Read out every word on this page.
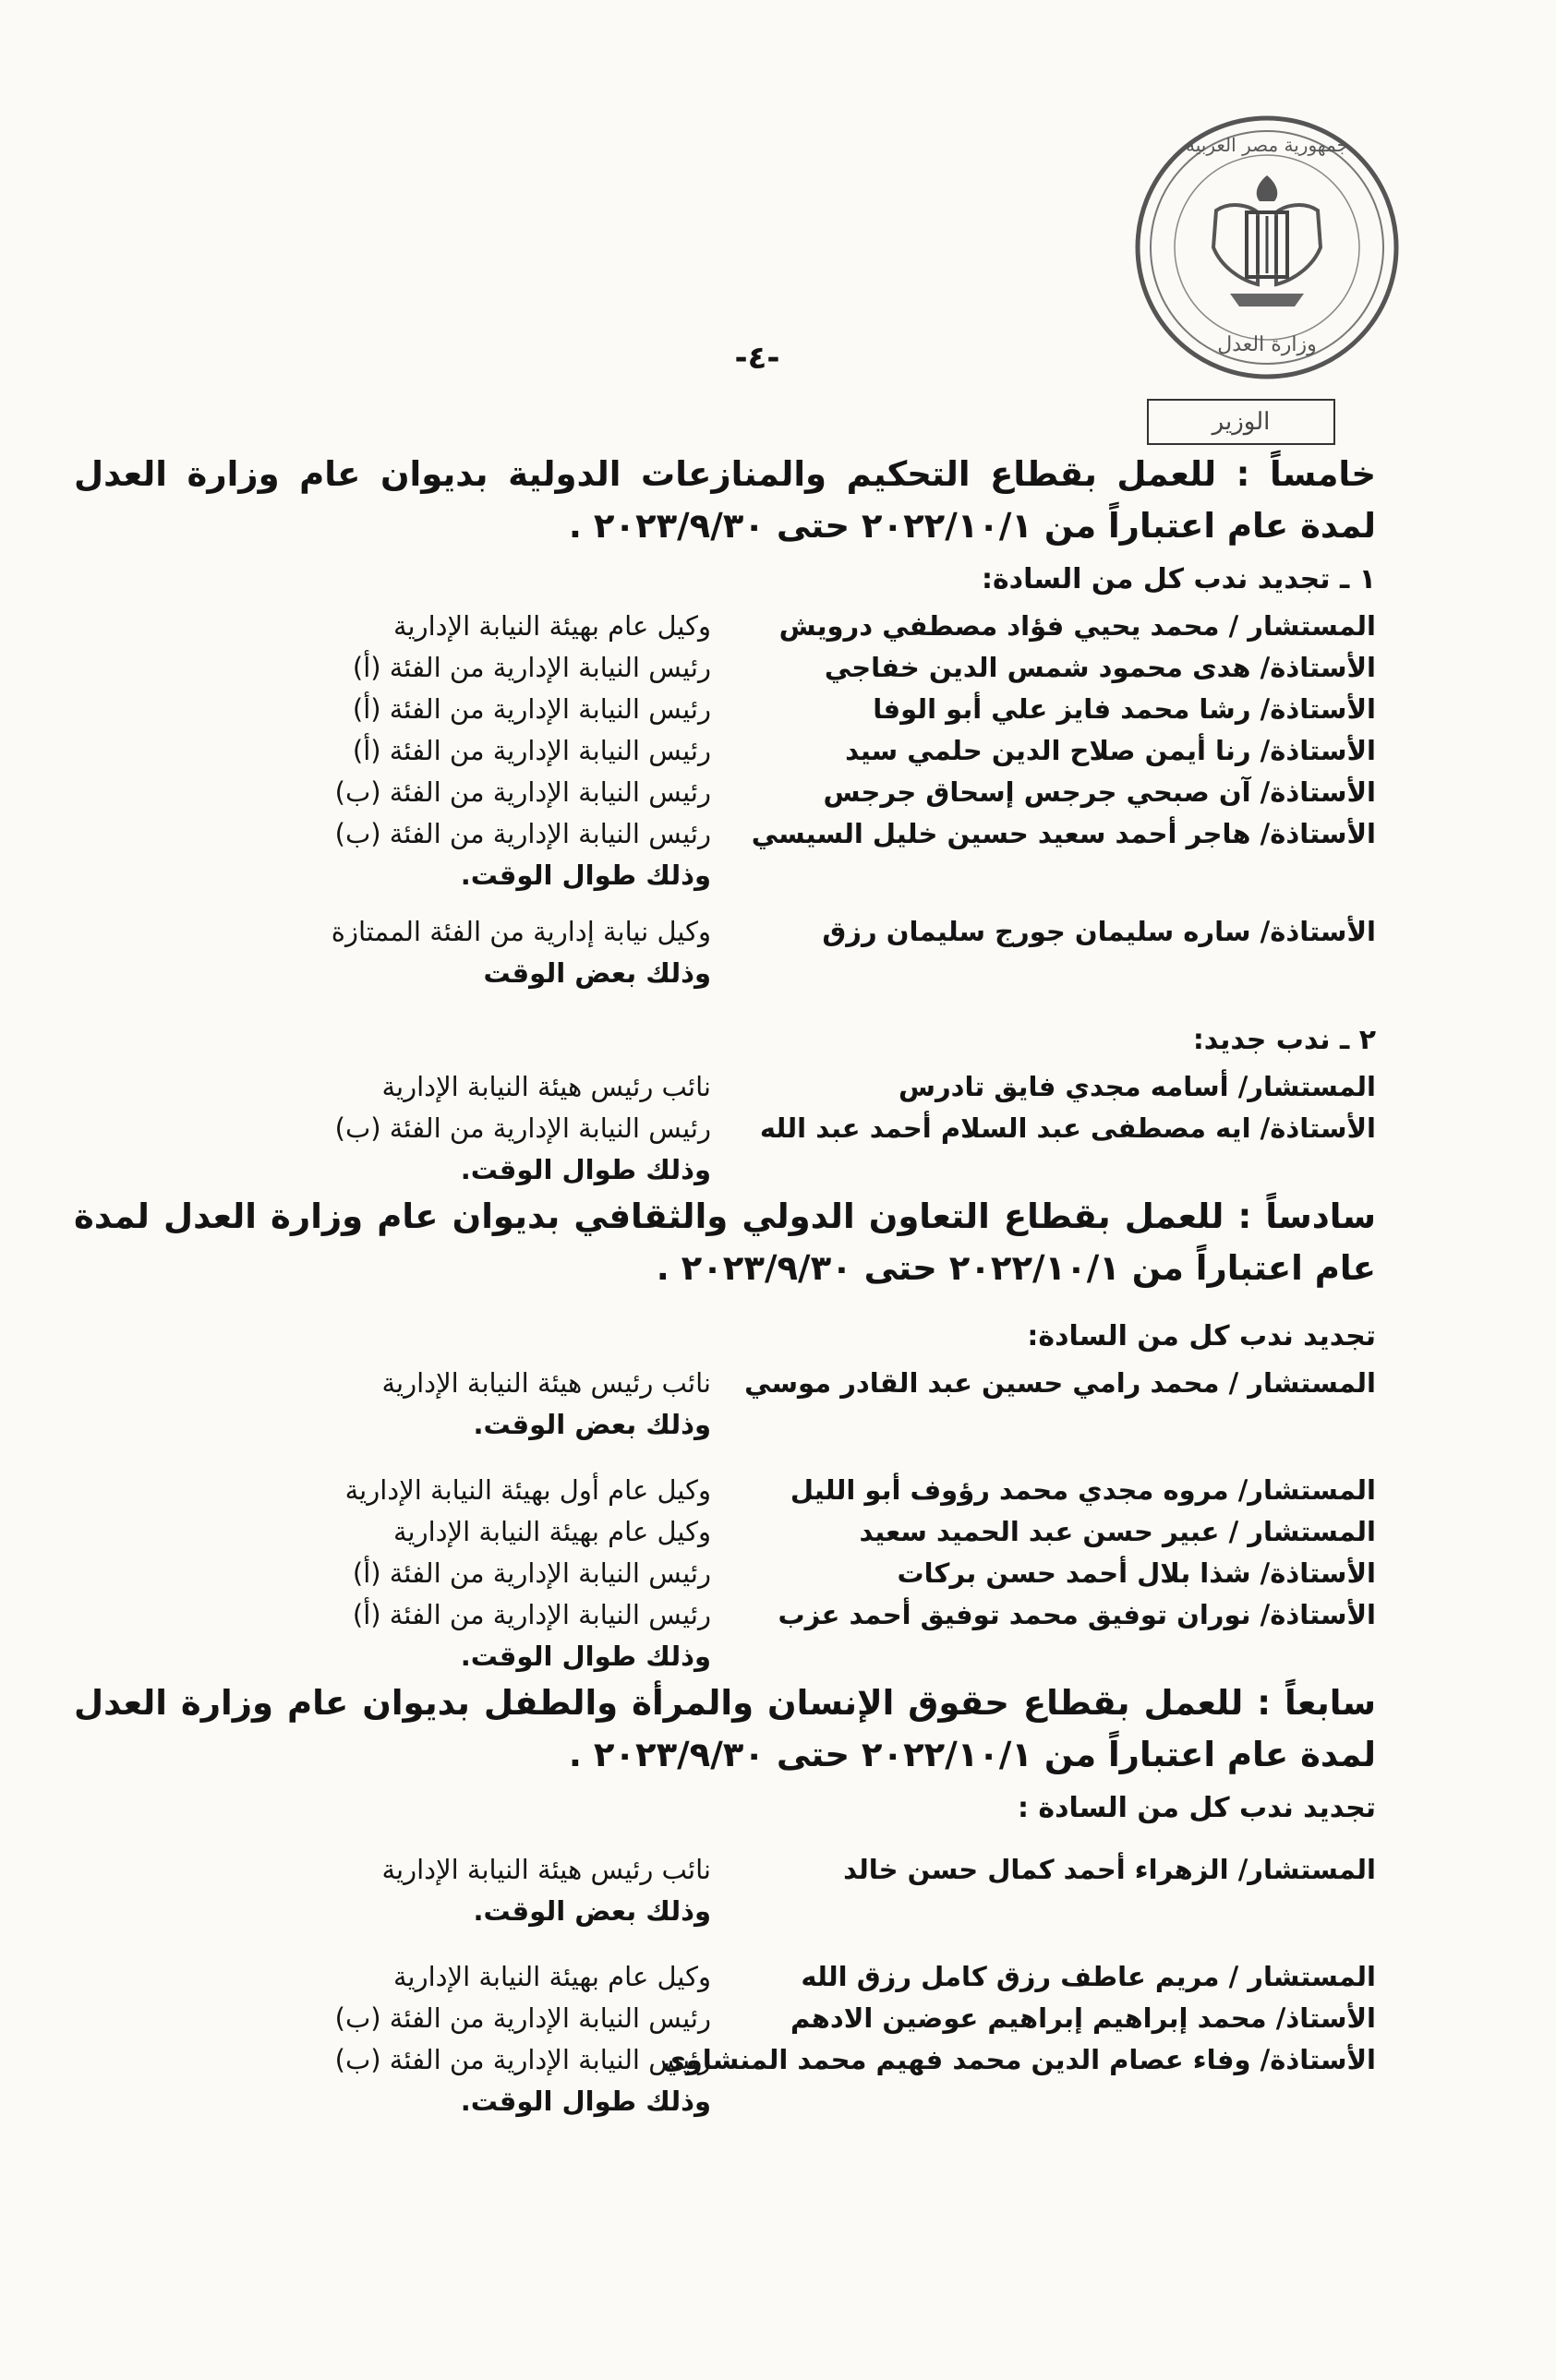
جمهورية مصر العربية
وزارة العدل
-٤-
الوزير
خامساً : للعمل بقطاع التحكيم والمنازعات الدولية بديوان عام وزارة العدل لمدة عام اعتباراً من ٢٠٢٢/١٠/١ حتى ٢٠٢٣/٩/٣٠ .
١ ـ تجديد ندب كل من السادة:
المستشار / محمد يحيي فؤاد مصطفي درويش
وكيل عام بهيئة النيابة الإدارية
الأستاذة/ هدى محمود شمس الدين خفاجي
رئيس النيابة الإدارية من الفئة (أ)
الأستاذة/ رشا محمد فايز علي أبو الوفا
رئيس النيابة الإدارية من الفئة (أ)
الأستاذة/ رنا أيمن صلاح الدين حلمي سيد
رئيس النيابة الإدارية من الفئة (أ)
الأستاذة/ آن صبحي جرجس إسحاق جرجس
رئيس النيابة الإدارية من الفئة (ب)
الأستاذة/ هاجر أحمد سعيد حسين خليل السيسي
رئيس النيابة الإدارية من الفئة (ب)
وذلك طوال الوقت.
الأستاذة/ ساره سليمان جورج سليمان رزق
وكيل نيابة إدارية من الفئة الممتازة
وذلك بعض الوقت
٢ ـ ندب جديد:
المستشار/ أسامه مجدي فايق تادرس
نائب رئيس هيئة النيابة الإدارية
الأستاذة/ ايه مصطفى عبد السلام أحمد عبد الله
رئيس النيابة الإدارية من الفئة (ب)
وذلك طوال الوقت.
سادساً : للعمل بقطاع التعاون الدولي والثقافي بديوان عام وزارة العدل لمدة عام اعتباراً من ٢٠٢٢/١٠/١ حتى ٢٠٢٣/٩/٣٠ .
تجديد ندب كل من السادة:
المستشار / محمد رامي حسين عبد القادر موسي
نائب رئيس هيئة النيابة الإدارية
وذلك بعض الوقت.
المستشار/ مروه مجدي محمد رؤوف أبو الليل
وكيل عام أول بهيئة النيابة الإدارية
المستشار / عبير حسن عبد الحميد سعيد
وكيل عام بهيئة النيابة الإدارية
الأستاذة/ شذا بلال أحمد حسن بركات
رئيس النيابة الإدارية من الفئة (أ)
الأستاذة/ نوران توفيق محمد توفيق أحمد عزب
رئيس النيابة الإدارية من الفئة (أ)
وذلك طوال الوقت.
سابعاً : للعمل بقطاع حقوق الإنسان والمرأة والطفل بديوان عام وزارة العدل لمدة عام اعتباراً من ٢٠٢٢/١٠/١ حتى ٢٠٢٣/٩/٣٠ .
تجديد ندب كل من السادة :
المستشار/ الزهراء أحمد كمال حسن خالد
نائب رئيس هيئة النيابة الإدارية
وذلك بعض الوقت.
المستشار / مريم عاطف رزق كامل رزق الله
وكيل عام بهيئة النيابة الإدارية
الأستاذ/ محمد إبراهيم إبراهيم عوضين الادهم
رئيس النيابة الإدارية من الفئة (ب)
الأستاذة/ وفاء عصام الدين محمد فهيم محمد المنشاوي
رئيس النيابة الإدارية من الفئة (ب)
وذلك طوال الوقت.
